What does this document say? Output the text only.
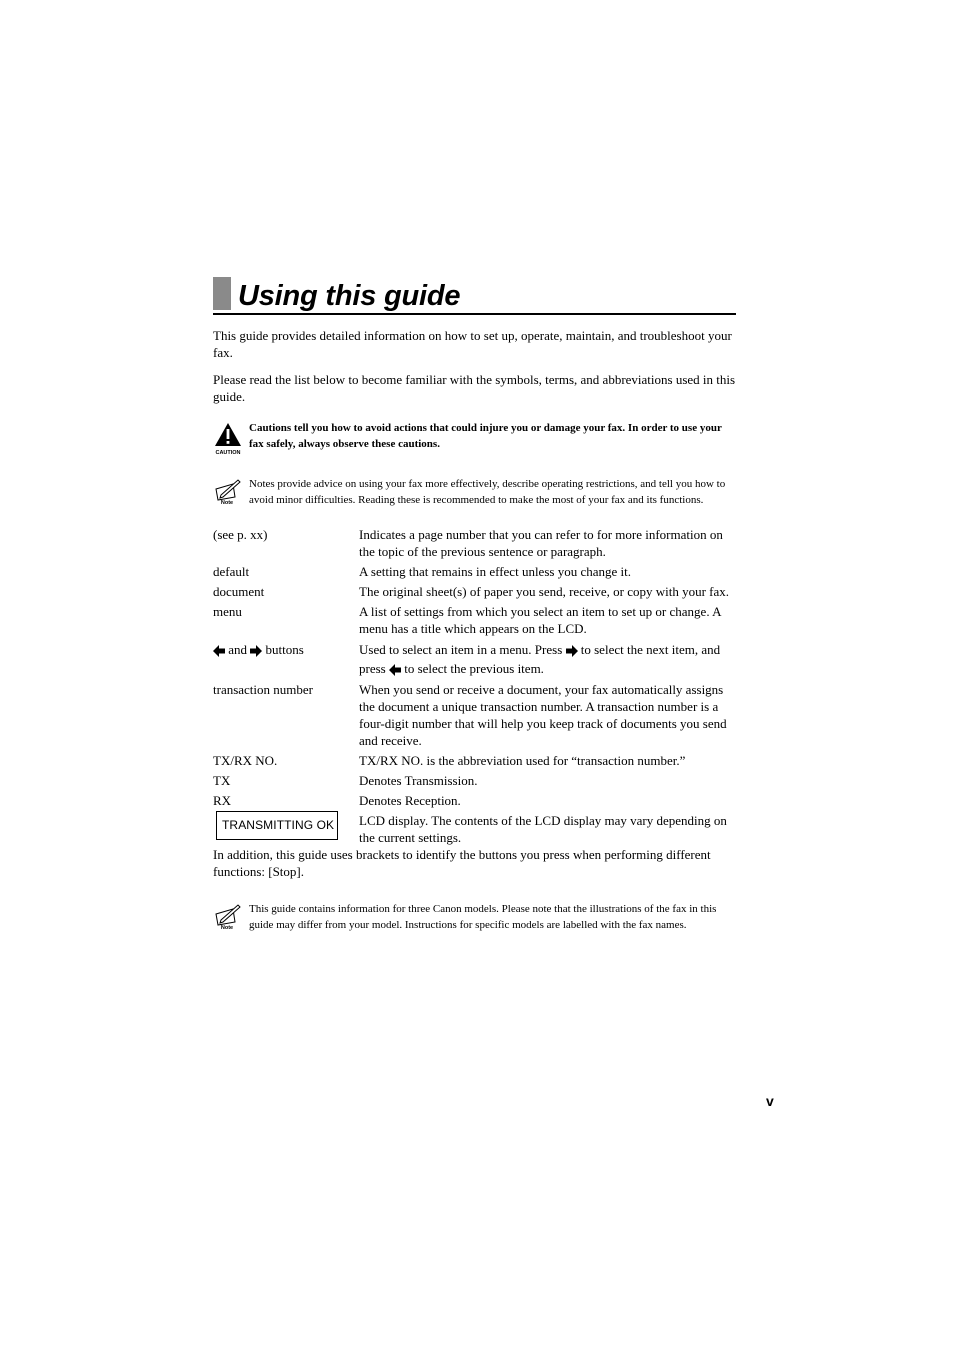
Using this guide

This guide provides detailed information on how to set up, operate, maintain, and troubleshoot your fax.

Please read the list below to become familiar with the symbols, terms, and abbreviations used in this guide.

CAUTION
Cautions tell you how to avoid actions that could injure you or damage your fax. In order to use your fax safely, always observe these cautions.
Note
Notes provide advice on using your fax more effectively, describe operating restrictions, and tell you how to avoid minor difficulties. Reading these is recommended to make the most of your fax and its functions.
(see p. xx)	Indicates a page number that you can refer to for more information on the topic of the previous sentence or paragraph.
default	A setting that remains in effect unless you change it.
document	The original sheet(s) of paper you send, receive, or copy with your fax.
menu	A list of settings from which you select an item to set up or change. A menu has a title which appears on the LCD.
and buttons	Used to select an item in a menu. Press to select the next item, and press to select the previous item.
transaction number	When you send or receive a document, your fax automatically assigns the document a unique transaction number. A transaction number is a four-digit number that will help you keep track of documents you send and receive.
TX/RX NO.	TX/RX NO. is the abbreviation used for “transaction number.”
TX	Denotes Transmission.
RX	Denotes Reception.
TRANSMITTING OK	LCD display. The contents of the LCD display may vary depending on the current settings.

In addition, this guide uses brackets to identify the buttons you press when performing different functions: [Stop].

Note
This guide contains information for three Canon models. Please note that the illustrations of the fax in this guide may differ from your model. Instructions for specific models are labelled with the fax names.
v
